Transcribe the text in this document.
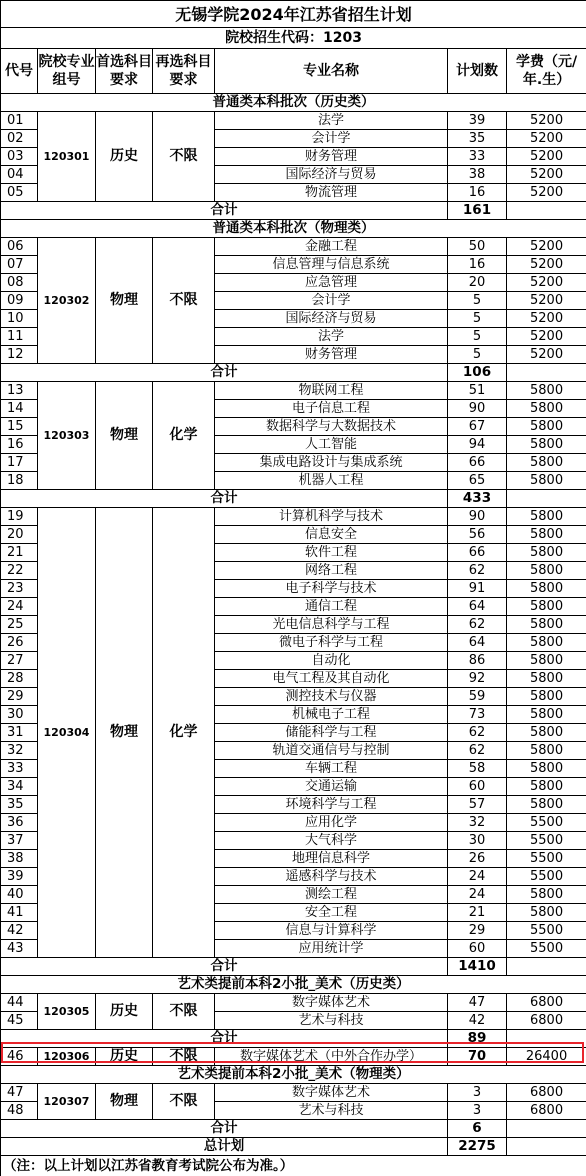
无锡学院2024年江苏省招生计划						
院校招生代码：1203						
代号	院校专业组号	首选科目要求	再选科目要求	专业名称	计划数	学费（元/年.生）
普通类本科批次（历史类）						
01	120301	历史	不限	法学	39	5200
02				会计学	35	5200
03				财务管理	33	5200
04				国际经济与贸易	38	5200
05				物流管理	16	5200
合计					161	
普通类本科批次（物理类）						
06	120302	物理	不限	金融工程	50	5200
07				信息管理与信息系统	16	5200
08				应急管理	20	5200
09				会计学	5	5200
10				国际经济与贸易	5	5200
11				法学	5	5200
12				财务管理	5	5200
合计					106	
13	120303	物理	化学	物联网工程	51	5800
14				电子信息工程	90	5800
15				数据科学与大数据技术	67	5800
16				人工智能	94	5800
17				集成电路设计与集成系统	66	5800
18				机器人工程	65	5800
合计					433	
19	120304	物理	化学	计算机科学与技术	90	5800
20				信息安全	56	5800
21				软件工程	66	5800
22				网络工程	62	5800
23				电子科学与技术	91	5800
24				通信工程	64	5800
25				光电信息科学与工程	62	5800
26				微电子科学与工程	64	5800
27				自动化	86	5800
28				电气工程及其自动化	92	5800
29				测控技术与仪器	59	5800
30				机械电子工程	73	5800
31				储能科学与工程	62	5800
32				轨道交通信号与控制	62	5800
33				车辆工程	58	5800
34				交通运输	60	5800
35				环境科学与工程	57	5800
36				应用化学	32	5500
37				大气科学	30	5500
38				地理信息科学	26	5500
39				遥感科学与技术	24	5500
40				测绘工程	24	5800
41				安全工程	21	5800
42				信息与计算科学	29	5500
43				应用统计学	60	5500
合计					1410	
艺术类提前本科2小批_美术（历史类）						
44	120305	历史	不限	数字媒体艺术	47	6800
45				艺术与科技	42	6800
合计					89	
46	120306	历史	不限	数字媒体艺术（中外合作办学）	70	26400
艺术类提前本科2小批_美术（物理类）						
47	120307	物理	不限	数字媒体艺术	3	6800
48				艺术与科技	3	6800
合计					6	
总计划					2275	
（注：以上计划以江苏省教育考试院公布为准。）						
